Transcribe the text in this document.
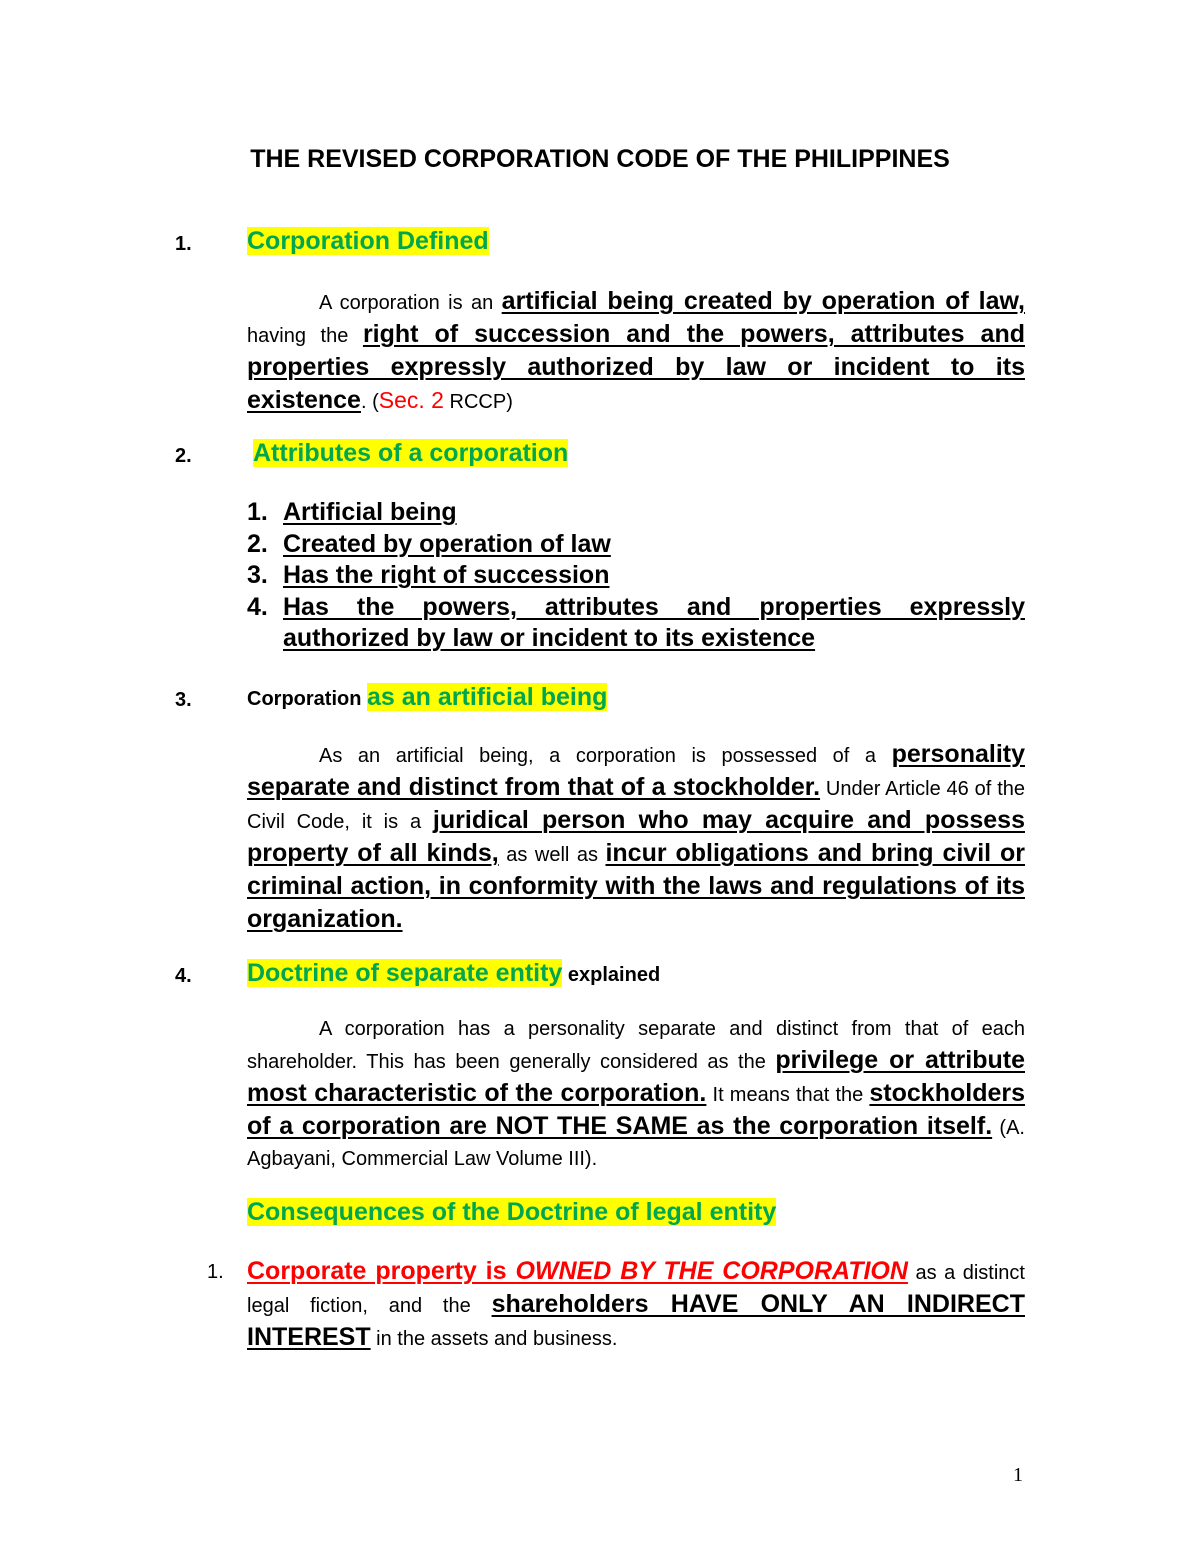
THE REVISED CORPORATION CODE OF THE PHILIPPINES
1. Corporation Defined

A corporation is an artificial being created by operation of law, having the right of succession and the powers, attributes and properties expressly authorized by law or incident to its existence. (Sec. 2 RCCP)

2. Attributes of a corporation
1. Artificial being
2. Created by operation of law
3. Has the right of succession
4. Has the powers, attributes and properties expressly authorized by law or incident to its existence
3.	Corporation as an artificial being

As an artificial being, a corporation is possessed of a personality separate and distinct from that of a stockholder. Under Article 46 of the Civil Code, it is a juridical person who may acquire and possess property of all kinds, as well as incur obligations and bring civil or criminal action, in conformity with the laws and regulations of its organization.

4. Doctrine of separate entity explained

A corporation has a personality separate and distinct from that of each shareholder. This has been generally considered as the privilege or attribute most characteristic of the corporation. It means that the stockholders of a corporation are NOT THE SAME as the corporation itself. (A. Agbayani, Commercial Law Volume III).

Consequences of the Doctrine of legal entity
1. Corporate property is OWNED BY THE CORPORATION as a distinct legal fiction, and the shareholders HAVE ONLY AN INDIRECT INTEREST in the assets and business.

1
